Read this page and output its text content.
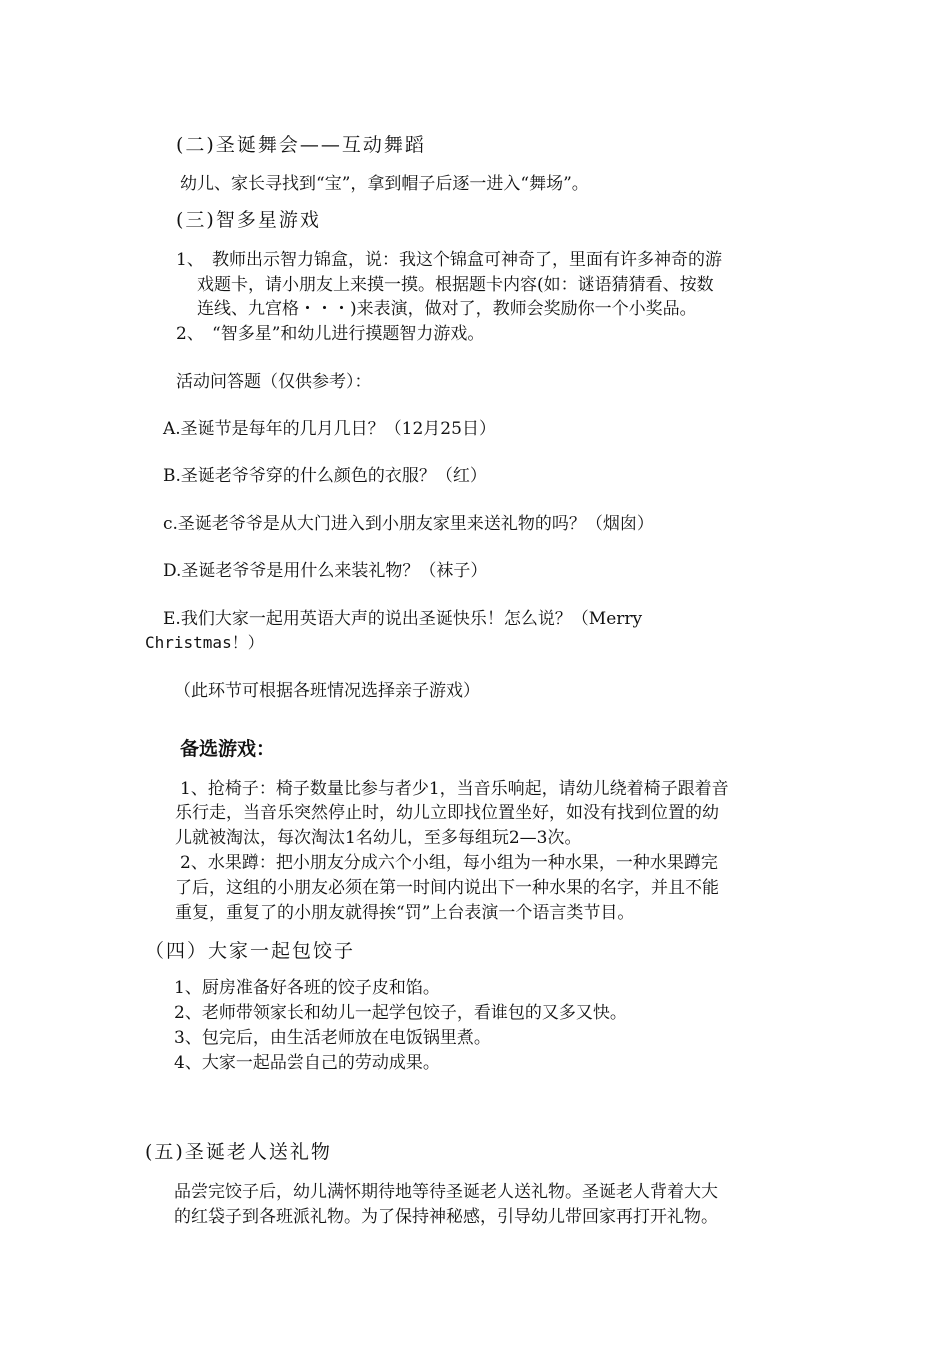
(二)圣诞舞会——互动舞蹈
幼儿、家长寻找到“宝”，拿到帽子后逐一进入“舞场”。
(三)智多星游戏
1、 教师出示智力锦盒，说：我这个锦盒可神奇了，里面有许多神奇的游
戏题卡，请小朋友上来摸一摸。根据题卡内容(如：谜语猜猜看、按数
连线、九宫格・・・)来表演，做对了，教师会奖励你一个小奖品。
2、 “智多星”和幼儿进行摸题智力游戏。
活动问答题（仅供参考）：
A.圣诞节是每年的几月几日？（12月25日）
B.圣诞老爷爷穿的什么颜色的衣服？（红）
c.圣诞老爷爷是从大门进入到小朋友家里来送礼物的吗？（烟囱）
D.圣诞老爷爷是用什么来装礼物？（袜子）
E.我们大家一起用英语大声的说出圣诞快乐！怎么说？（Merry
Christmas！）
（此环节可根据各班情况选择亲子游戏）
备选游戏：
1、抢椅子：椅子数量比参与者少1，当音乐响起，请幼儿绕着椅子跟着音
乐行走，当音乐突然停止时，幼儿立即找位置坐好，如没有找到位置的幼
儿就被淘汰，每次淘汰1名幼儿，至多每组玩2—3次。
2、水果蹲：把小朋友分成六个小组，每小组为一种水果，一种水果蹲完
了后，这组的小朋友必须在第一时间内说出下一种水果的名字，并且不能
重复，重复了的小朋友就得挨“罚”上台表演一个语言类节目。
（四）大家一起包饺子
1、厨房准备好各班的饺子皮和馅。
2、老师带领家长和幼儿一起学包饺子，看谁包的又多又快。
3、包完后，由生活老师放在电饭锅里煮。
4、大家一起品尝自己的劳动成果。
(五)圣诞老人送礼物
品尝完饺子后，幼儿满怀期待地等待圣诞老人送礼物。圣诞老人背着大大
的红袋子到各班派礼物。为了保持神秘感，引导幼儿带回家再打开礼物。
